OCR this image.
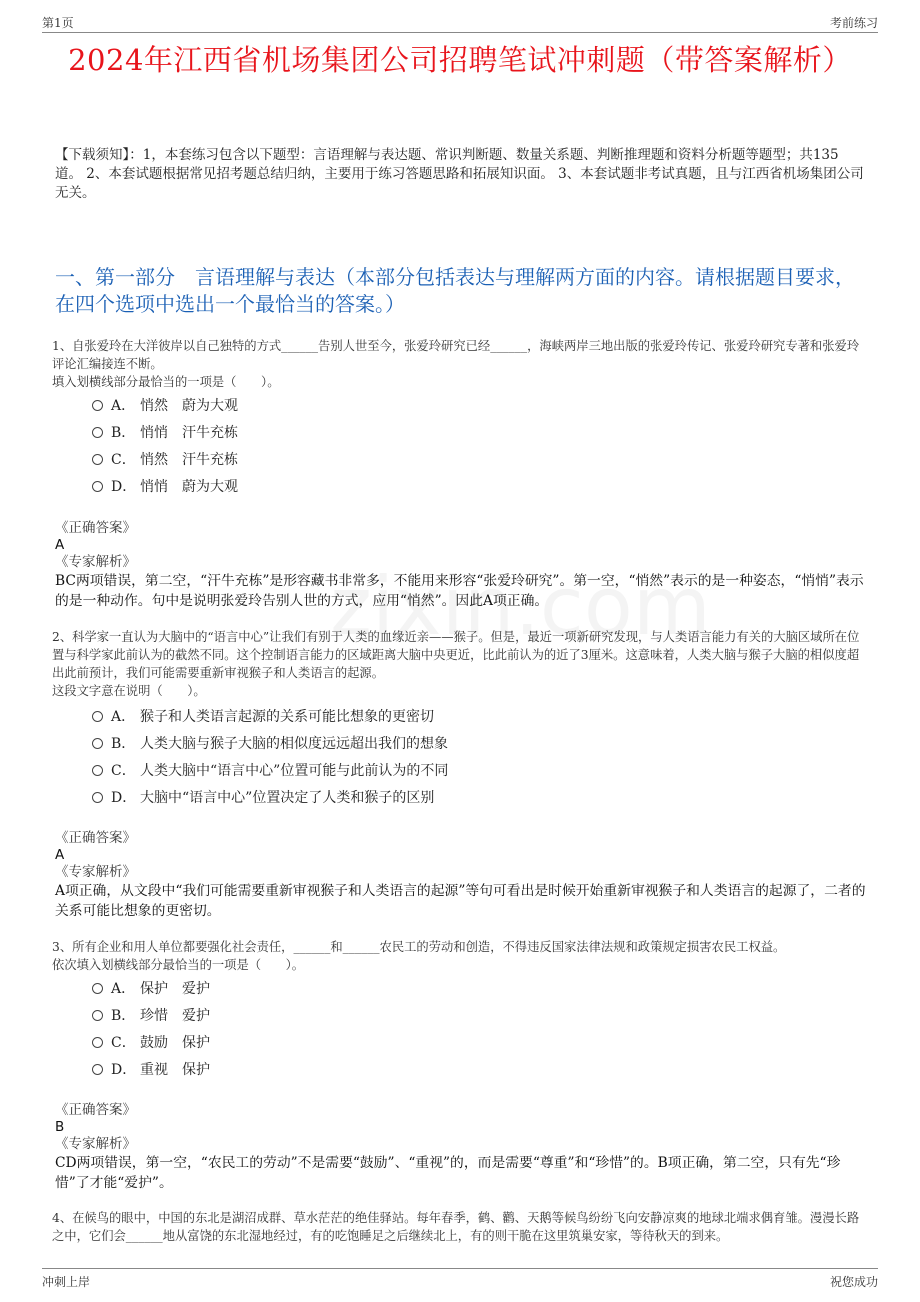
第1页	考前练习
2024年江西省机场集团公司招聘笔试冲刺题（带答案解析）
【下载须知】：1，本套练习包含以下题型：言语理解与表达题、常识判断题、数量关系题、判断推理题和资料分析题等题型；共135道。 2、本套试题根据常见招考题总结归纳，主要用于练习答题思路和拓展知识面。 3、本套试题非考试真题，且与江西省机场集团公司无关。
一、第一部分　言语理解与表达（本部分包括表达与理解两方面的内容。请根据题目要求，在四个选项中选出一个最恰当的答案。）

1、自张爱玲在大洋彼岸以自己独特的方式______告别人世至今，张爱玲研究已经______，海峡两岸三地出版的张爱玲传记、张爱玲研究专著和张爱玲评论汇编接连不断。

填入划横线部分最恰当的一项是（　　）。

A． 悄然　蔚为大观
B． 悄悄　汗牛充栋
C． 悄然　汗牛充栋
D． 悄悄　蔚为大观
《正确答案》
A
《专家解析》
BC两项错误，第二空，“汗牛充栋”是形容藏书非常多，不能用来形容“张爱玲研究”。第一空，“悄然”表示的是一种姿态，“悄悄”表示的是一种动作。句中是说明张爱玲告别人世的方式，应用“悄然”。因此A项正确。

2、科学家一直认为大脑中的“语言中心”让我们有别于人类的血缘近亲——猴子。但是，最近一项新研究发现，与人类语言能力有关的大脑区域所在位置与科学家此前认为的截然不同。这个控制语言能力的区域距离大脑中央更近，比此前认为的近了3厘米。这意味着，人类大脑与猴子大脑的相似度超出此前预计，我们可能需要重新审视猴子和人类语言的起源。

这段文字意在说明（　　）。

A． 猴子和人类语言起源的关系可能比想象的更密切
B． 人类大脑与猴子大脑的相似度远远超出我们的想象
C． 人类大脑中“语言中心”位置可能与此前认为的不同
D． 大脑中“语言中心”位置决定了人类和猴子的区别
《正确答案》
A
《专家解析》
A项正确，从文段中“我们可能需要重新审视猴子和人类语言的起源”等句可看出是时候开始重新审视猴子和人类语言的起源了，二者的关系可能比想象的更密切。

3、所有企业和用人单位都要强化社会责任，______和______农民工的劳动和创造，不得违反国家法律法规和政策规定损害农民工权益。

依次填入划横线部分最恰当的一项是（　　）。

A． 保护　爱护
B． 珍惜　爱护
C． 鼓励　保护
D． 重视　保护
《正确答案》
B
《专家解析》
CD两项错误，第一空，“农民工的劳动”不是需要“鼓励”、“重视”的，而是需要“尊重”和“珍惜”的。B项正确，第二空，只有先“珍惜”了才能“爱护”。

4、在候鸟的眼中，中国的东北是湖沼成群、草水茫茫的绝佳驿站。每年春季，鹤、鹳、天鹅等候鸟纷纷飞向安静凉爽的地球北端求偶育雏。漫漫长路之中，它们会______地从富饶的东北湿地经过，有的吃饱睡足之后继续北上，有的则干脆在这里筑巢安家，等待秋天的到来。

冲刺上岸	祝您成功
